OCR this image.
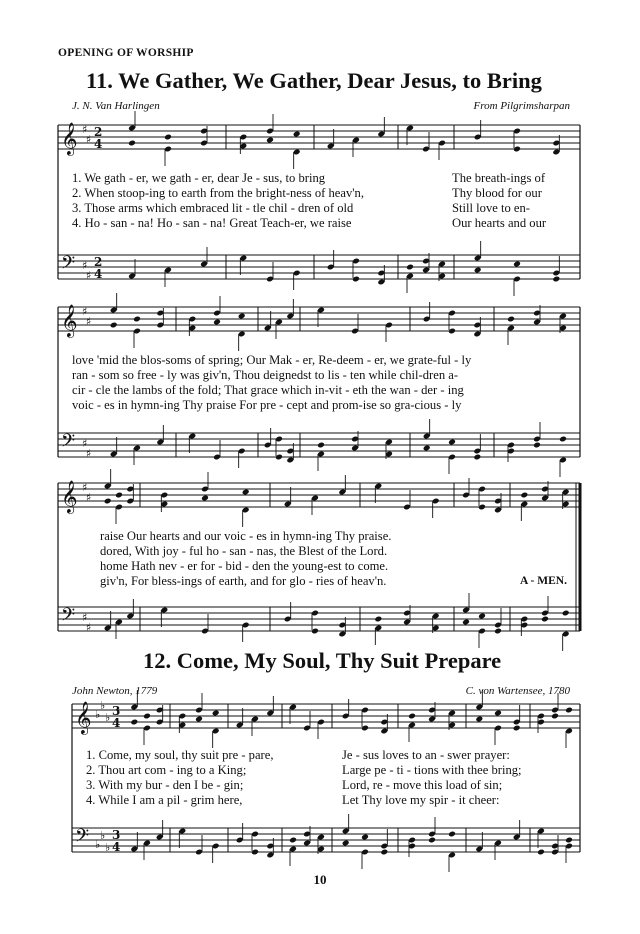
𝄞
𝄢
♯
♯
♯
♯
2
4
2
4
𝄞
𝄢
♯
♯
♯
♯
𝄞
𝄢
♯
♯
♯
♯
𝄞
𝄢
♭
♭
♭
♭
♭
♭
3
4
3
4
OPENING OF WORSHIP
11. We Gather, We Gather, Dear Jesus, to Bring
J. N. Van Harlingen	From Pilgrimsharpan
1. We gath - er, we gath - er, dear Je - sus, to bring
2. When stoop-ing to earth from the bright-ness of heav'n,
3. Those arms which embraced lit - tle chil - dren of old
4. Ho - san - na! Ho - san - na! Great Teach-er, we raise
The breath-ings of
Thy blood for our
Still love to en-
Our hearts and our
love 'mid the blos-soms of spring; Our Mak - er, Re-deem - er, we grate-ful - ly
ran - som so free - ly was giv'n, Thou deignedst to lis - ten while chil-dren a-
cir - cle the lambs of the fold; That grace which in-vit - eth the wan - der - ing
voic - es in hymn-ing Thy praise For pre - cept and prom-ise so gra-cious - ly
raise Our hearts and our voic - es in hymn-ing Thy praise.
dored, With joy - ful ho - san - nas, the Blest of the Lord.
home Hath nev - er for - bid - den the young-est to come.
giv'n, For bless-ings of earth, and for glo - ries of heav'n.	A - MEN.
12. Come, My Soul, Thy Suit Prepare
John Newton, 1779	C. von Wartensee, 1780
1. Come, my soul, thy suit pre - pare,
2. Thou art com - ing to a King;
3. With my bur - den I be - gin;
4. While I am a pil - grim here,
Je - sus loves to an - swer prayer:
Large pe - ti - tions with thee bring;
Lord, re - move this load of sin;
Let Thy love my spir - it cheer:
10
